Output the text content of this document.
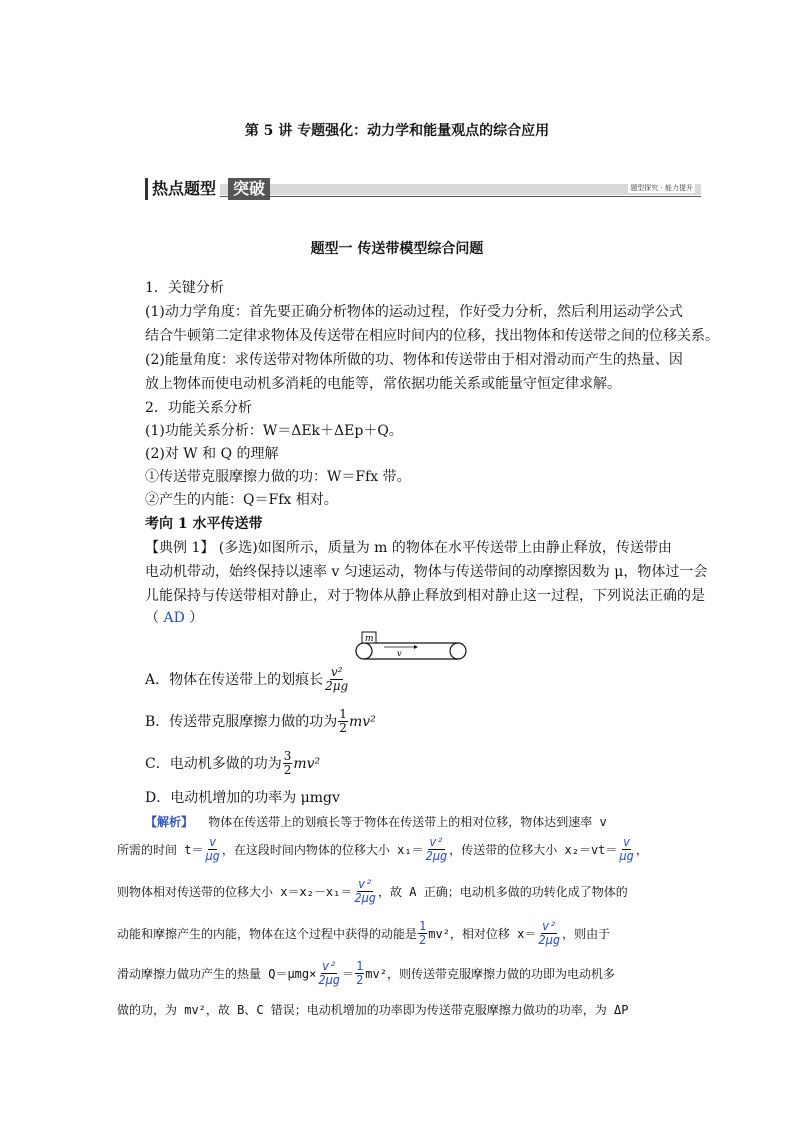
第 5 讲 专题强化：动力学和能量观点的综合应用
热点题型	突破	题型探究 · 能力提升
题型一 传送带模型综合问题
1．关键分析
(1)动力学角度：首先要正确分析物体的运动过程，作好受力分析，然后利用运动学公式
结合牛顿第二定律求物体及传送带在相应时间内的位移，找出物体和传送带之间的位移关系。
(2)能量角度：求传送带对物体所做的功、物体和传送带由于相对滑动而产生的热量、因
放上物体而使电动机多消耗的电能等，常依据功能关系或能量守恒定律求解。
2．功能关系分析
(1)功能关系分析：W＝ΔEk＋ΔEp＋Q。
(2)对 W 和 Q 的理解
①传送带克服摩擦力做的功：W＝Ffx 带。
②产生的内能：Q＝Ffx 相对。
考向 1 水平传送带
【典例 1】 (多选)如图所示，质量为 m 的物体在水平传送带上由静止释放，传送带由
电动机带动，始终保持以速率 v 匀速运动，物体与传送带间的动摩擦因数为 μ，物体过一会
儿能保持与传送带相对静止，对于物体从静止释放到相对静止这一过程，下列说法正确的是
（ AD ）
m
v
A．物体在传送带上的划痕长 $\frac{\text{v²}}{2\mu g}$
B．传送带克服摩擦力做的功为 $\frac{1}{2} mv^2$
C．电动机多做的功为 $\frac{3}{2} mv^2$
D．电动机增加的功率为 μmgv
【解析】 物体在传送带上的划痕长等于物体在传送带上的相对位移，物体达到速率 v
所需的时间 $t= \frac{v}{\mu g}$ ，在这段时间内物体的位移大小 $x_1= \frac{\text{v²}}{2\mu g}$ ，传送带的位移大小 $x_2=vt= \frac{v}{\mu g}$ ，
则物体相对传送带的位移大小 $x=x_2-x_1= \frac{\text{v²}}{2\mu g}$ ，故 A 正确；电动机多做的功转化成了物体的
动能和摩擦产生的内能，物体在这个过程中获得的动能是 $\frac{1}{2} mv^2$，相对位移 $x= \frac{\text{v²}}{2\mu g}$ ，则由于
滑动摩擦力做功产生的热量 $Q=\mu mg\times \frac{\text{v²}}{2\mu g} = \frac{1}{2} mv^2$，则传送带克服摩擦力做的功即为电动机多
做的功，为 mv²，故 B、C 错误；电动机增加的功率即为传送带克服摩擦力做功的功率，为 ΔP
